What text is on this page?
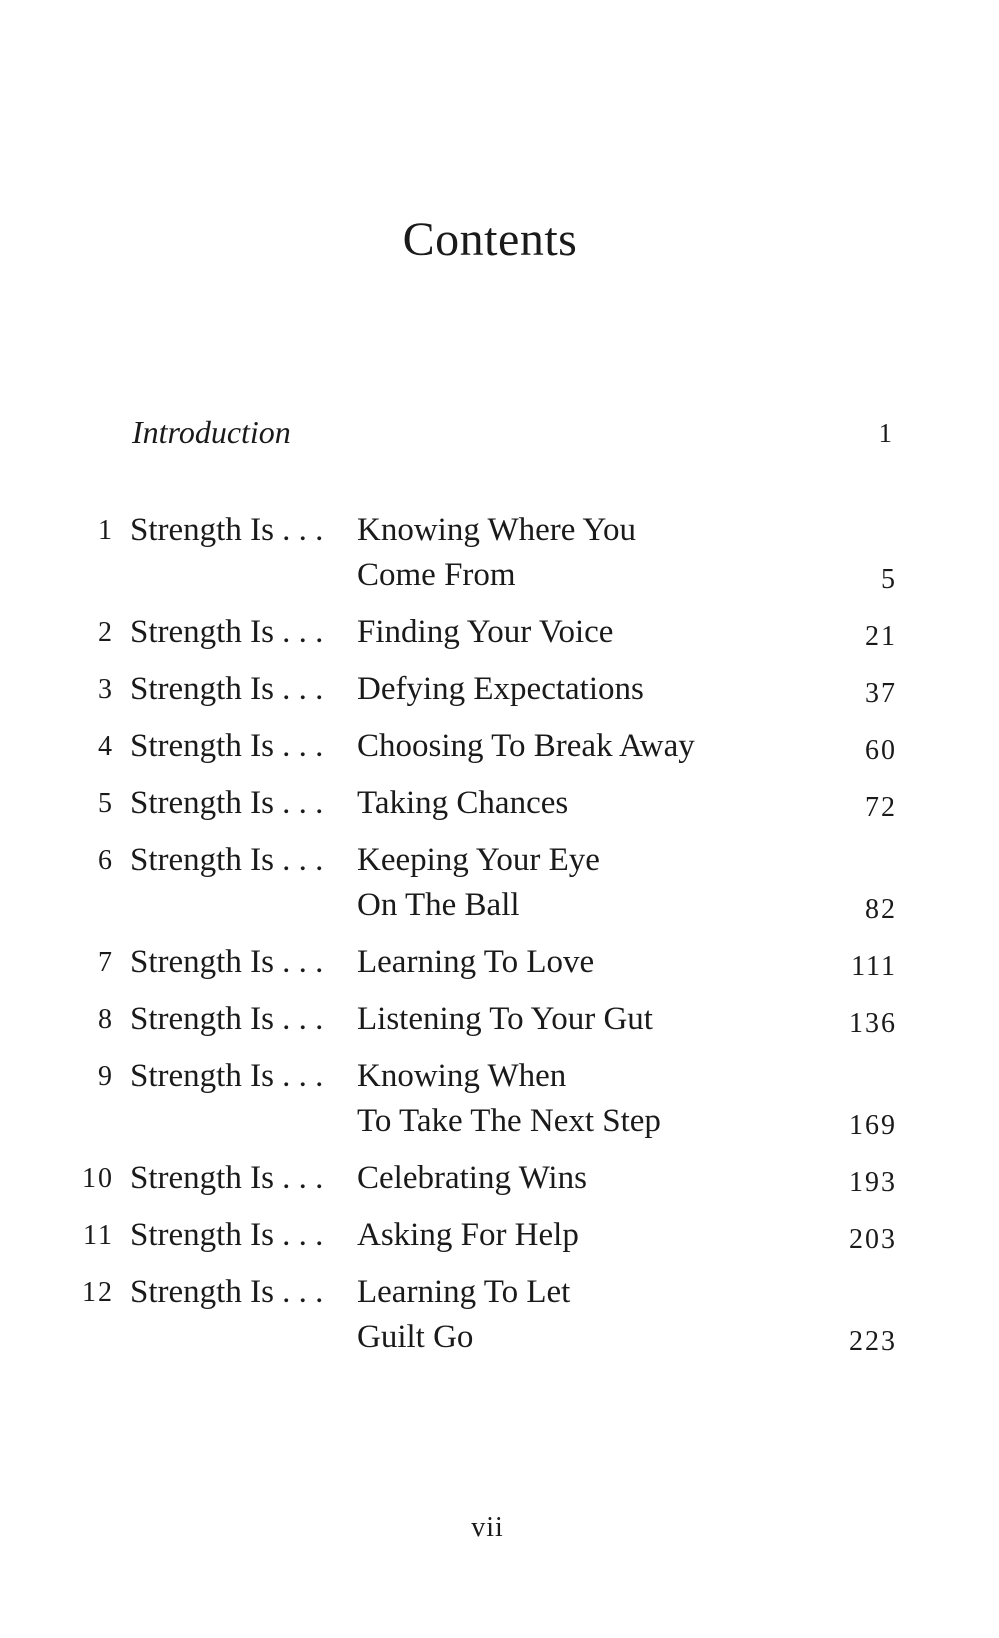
Contents
Introduction	1
1 Strength Is . . . Knowing Where You
Come From	5
2 Strength Is . . . Finding Your Voice	21
3 Strength Is . . . Defying Expectations	37
4 Strength Is . . . Choosing To Break Away	60
5 Strength Is . . . Taking Chances	72
6 Strength Is . . . Keeping Your Eye
On The Ball	82
7 Strength Is . . . Learning To Love	111
8 Strength Is . . . Listening To Your Gut	136
9 Strength Is . . . Knowing When
To Take The Next Step	169
10 Strength Is . . . Celebrating Wins	193
11 Strength Is . . . Asking For Help	203
12 Strength Is . . . Learning To Let
Guilt Go	223
vii
